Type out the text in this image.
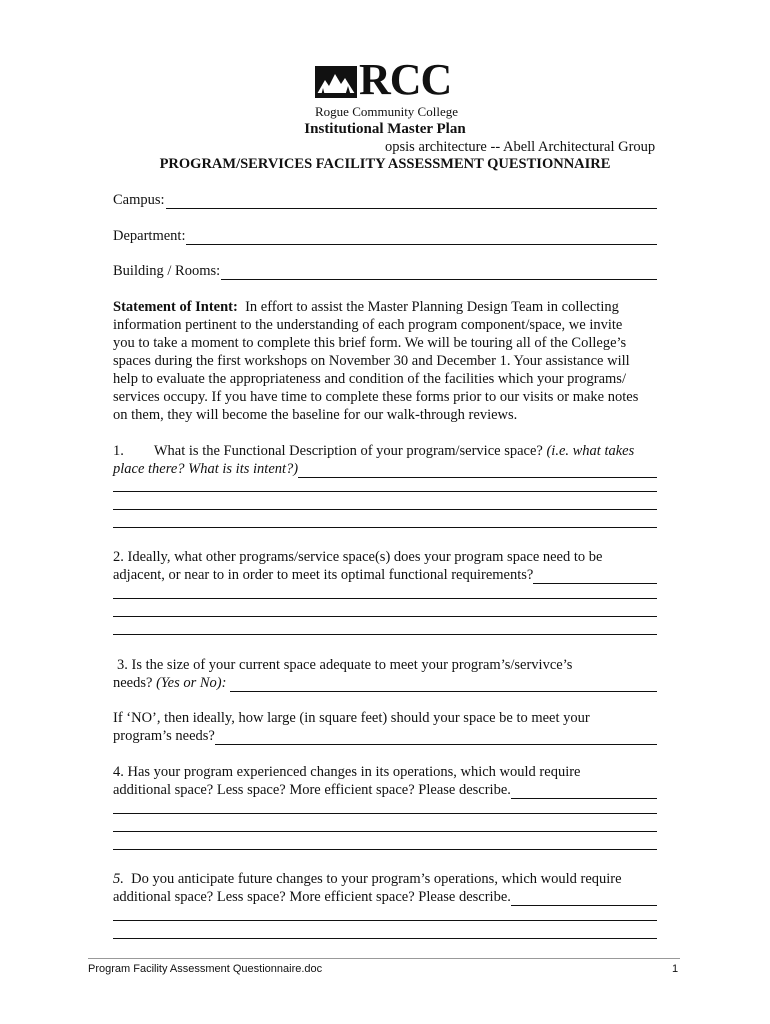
RCC
Rogue Community College
Institutional Master Plan
opsis architecture -- Abell Architectural Group
PROGRAM/SERVICES FACILITY ASSESSMENT QUESTIONNAIRE
Campus:
Department:
Building / Rooms:
Statement of Intent: In effort to assist the Master Planning Design Team in collecting
information pertinent to the understanding of each program component/space, we invite
you to take a moment to complete this brief form. We will be touring all of the College’s
spaces during the first workshops on November 30 and December 1. Your assistance will
help to evaluate the appropriateness and condition of the facilities which your programs/
services occupy. If you have time to complete these forms prior to our visits or make notes
on them, they will become the baseline for our walk-through reviews.
1. What is the Functional Description of your program/service space? (i.e. what takes
place there? What is its intent?)
2. Ideally, what other programs/service space(s) does your program space need to be
adjacent, or near to in order to meet its optimal functional requirements?
3. Is the size of your current space adequate to meet your program’s/servivce’s
needs?
(Yes or No):

If ‘NO’, then ideally, how large (in square feet) should your space be to meet your
program’s needs?
4. Has your program experienced changes in its operations, which would require
additional space? Less space? More efficient space? Please describe.
5.  Do you anticipate future changes to your program’s operations, which would require
additional space? Less space? More efficient space? Please describe.
Program Facility Assessment Questionnaire.doc	1
